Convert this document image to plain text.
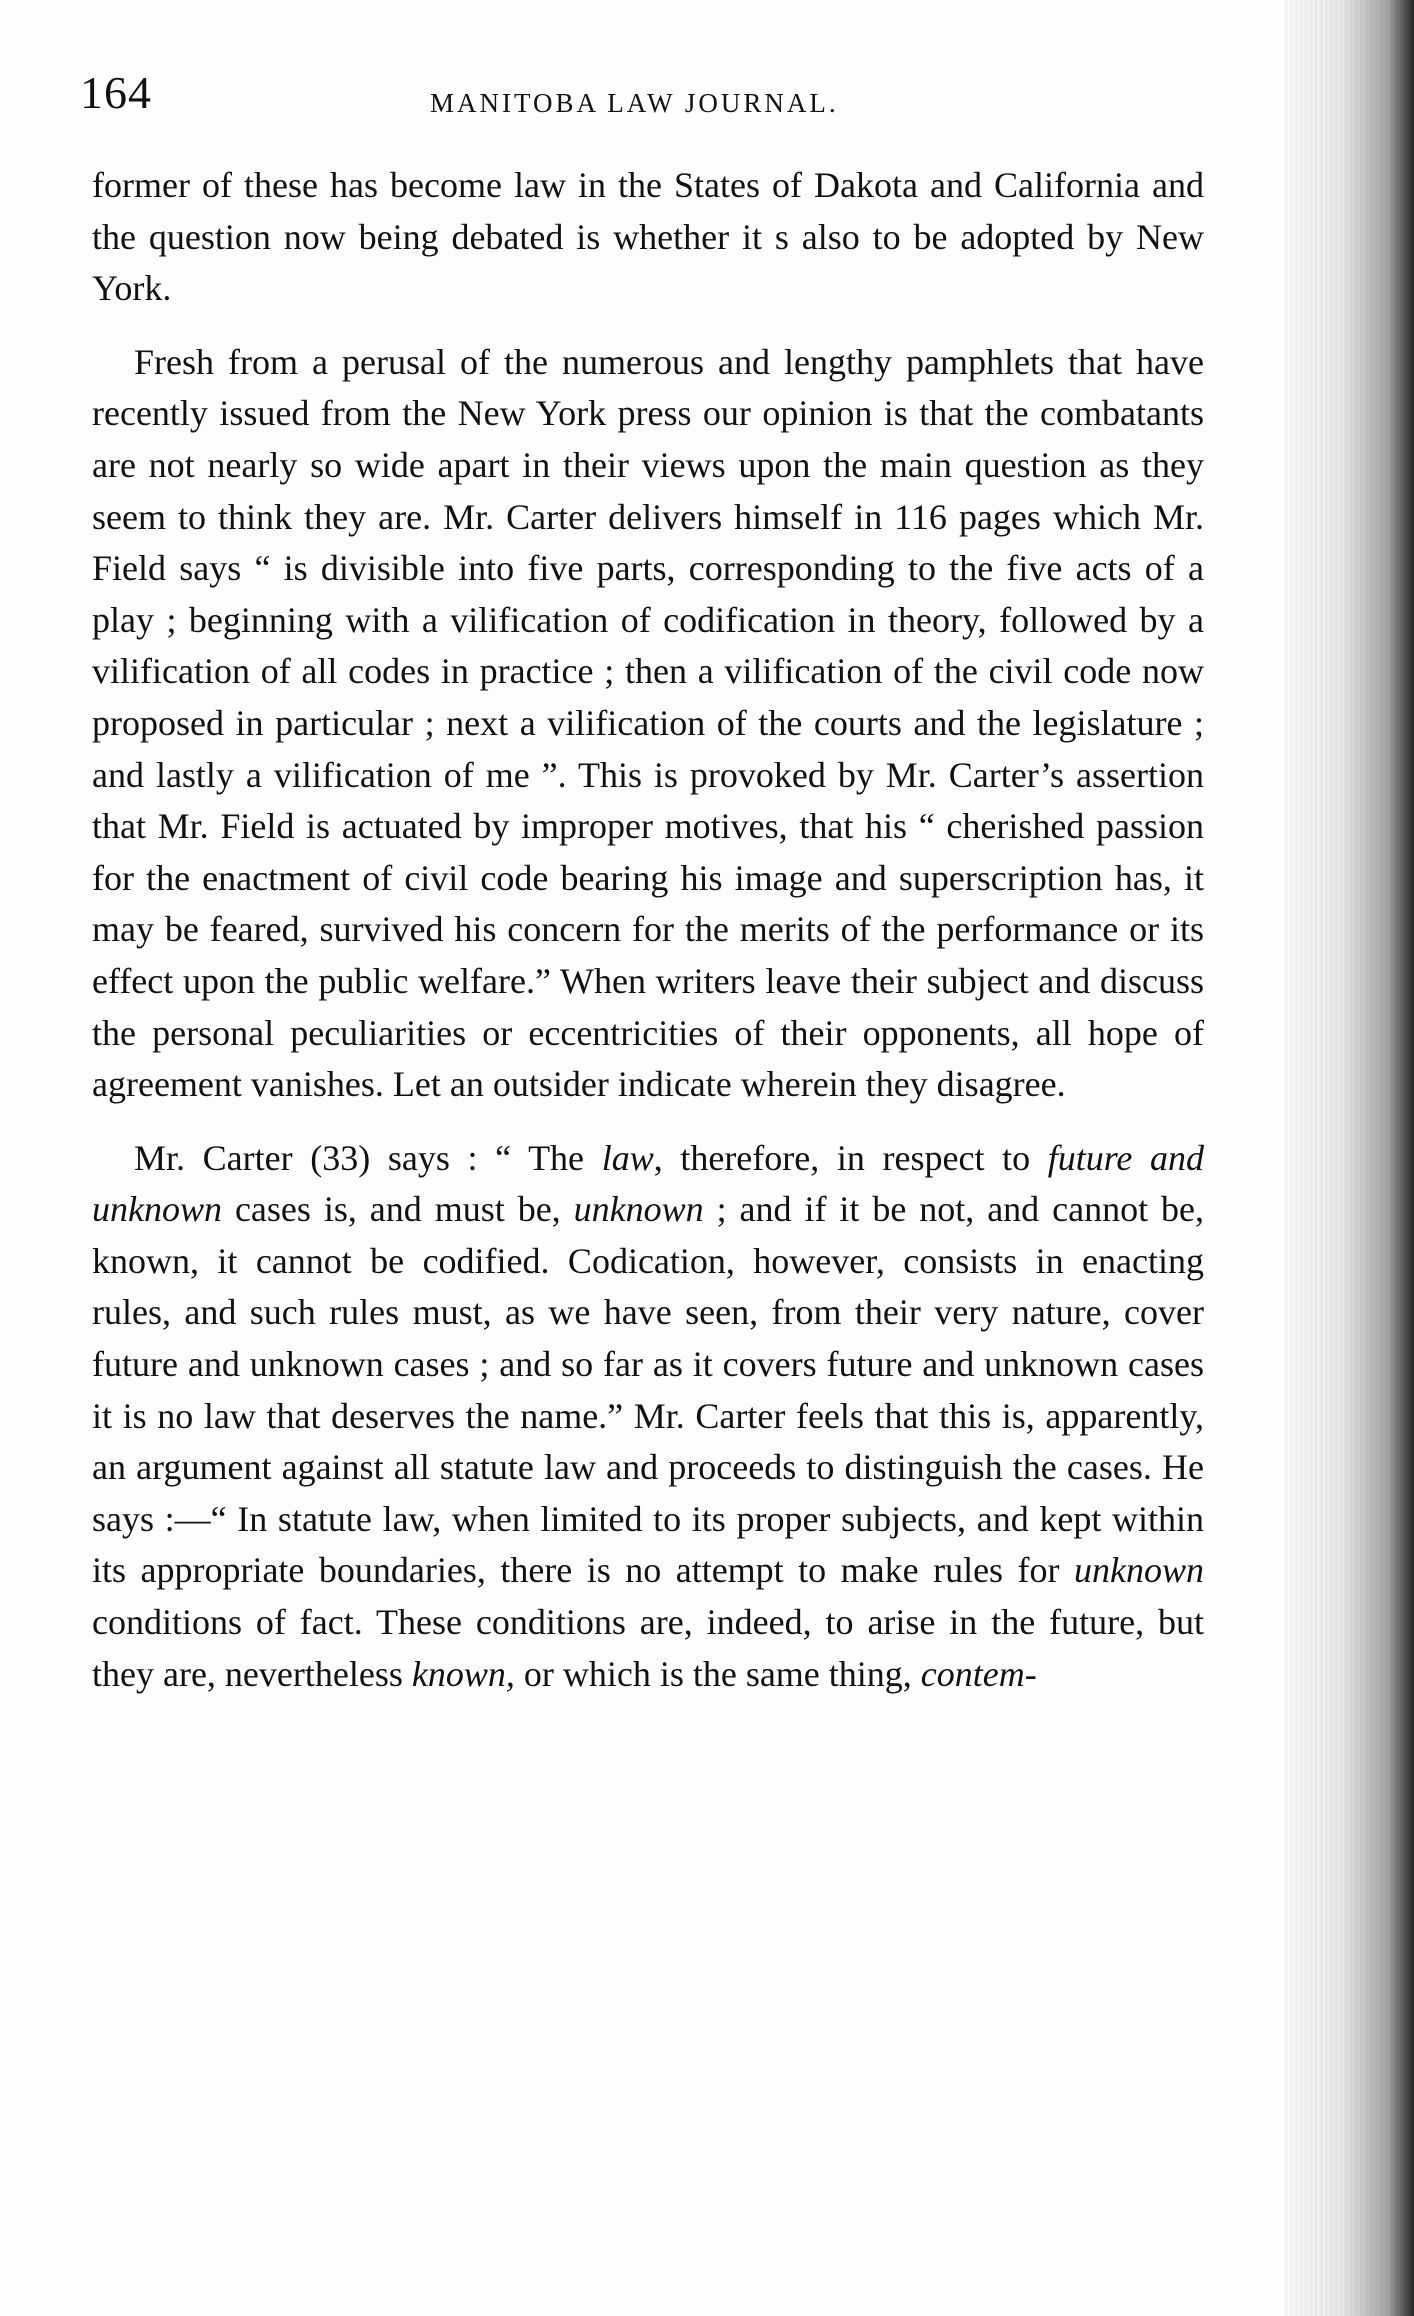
164	MANITOBA LAW JOURNAL.

former of these has become law in the States of Dakota and California and the question now being debated is whether it s also to be adopted by New York.

Fresh from a perusal of the numerous and lengthy pamphlets that have recently issued from the New York press our opinion is that the combatants are not nearly so wide apart in their views upon the main question as they seem to think they are. Mr. Carter delivers himself in 116 pages which Mr. Field says “ is divisible into five parts, corresponding to the five acts of a play ; beginning with a vilification of codification in theory, followed by a vilification of all codes in practice ; then a vilification of the civil code now proposed in particular ; next a vilification of the courts and the legislature ; and lastly a vilification of me ”. This is provoked by Mr. Carter’s assertion that Mr. Field is actuated by improper motives, that his “ cherished passion for the enactment of civil code bearing his image and superscription has, it may be feared, survived his concern for the merits of the performance or its effect upon the public welfare.” When writers leave their subject and discuss the personal peculiarities or eccentricities of their opponents, all hope of agreement vanishes. Let an outsider indicate wherein they disagree.

Mr. Carter (33) says : “ The law, therefore, in respect to future and unknown cases is, and must be, unknown ; and if it be not, and cannot be, known, it cannot be codified. Codication, however, consists in enacting rules, and such rules must, as we have seen, from their very nature, cover future and unknown cases ; and so far as it covers future and unknown cases it is no law that deserves the name.” Mr. Carter feels that this is, apparently, an argument against all statute law and proceeds to distinguish the cases. He says :—“ In statute law, when limited to its proper subjects, and kept within its appropriate boundaries, there is no attempt to make rules for unknown conditions of fact. These conditions are, indeed, to arise in the future, but they are, nevertheless known, or which is the same thing, contem-
